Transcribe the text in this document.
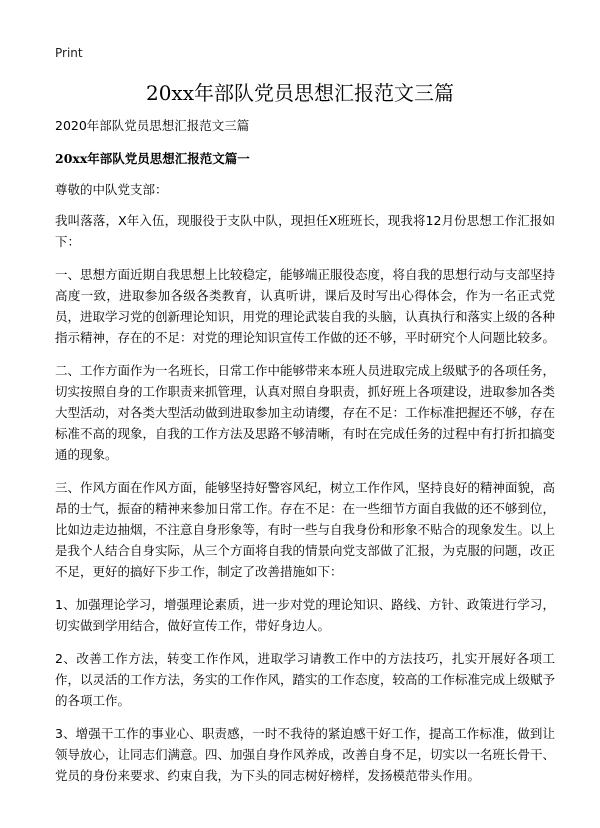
Print
20xx年部队党员思想汇报范文三篇

2020年部队党员思想汇报范文三篇

20xx年部队党员思想汇报范文篇一

尊敬的中队党支部：

我叫落落，X年入伍，现服役于支队中队，现担任X班班长，现我将12月份思想工作汇报如下：

一、思想方面近期自我思想上比较稳定，能够端正服役态度，将自我的思想行动与支部坚持高度一致，进取参加各级各类教育，认真听讲，课后及时写出心得体会，作为一名正式党员，进取学习党的创新理论知识，用党的理论武装自我的头脑，认真执行和落实上级的各种指示精神，存在的不足：对党的理论知识宣传工作做的还不够，平时研究个人问题比较多。

二、工作方面作为一名班长，日常工作中能够带来本班人员进取完成上级赋予的各项任务，切实按照自身的工作职责来抓管理，认真对照自身职责，抓好班上各项建设，进取参加各类大型活动，对各类大型活动做到进取参加主动请缨，存在不足：工作标准把握还不够，存在标准不高的现象，自我的工作方法及思路不够清晰，有时在完成任务的过程中有打折扣搞变通的现象。

三、作风方面在作风方面，能够坚持好警容风纪，树立工作作风，坚持良好的精神面貌，高昂的士气，振奋的精神来参加日常工作。存在不足：在一些细节方面自我做的还不够到位，比如边走边抽烟，不注意自身形象等，有时一些与自我身份和形象不贴合的现象发生。以上是我个人结合自身实际，从三个方面将自我的情景向党支部做了汇报，为克服的问题，改正不足，更好的搞好下步工作，制定了改善措施如下：

1、加强理论学习，增强理论素质，进一步对党的理论知识、路线、方针、政策进行学习，切实做到学用结合，做好宣传工作，带好身边人。

2、改善工作方法，转变工作作风，进取学习请教工作中的方法技巧，扎实开展好各项工作，以灵活的工作方法，务实的工作作风，踏实的工作态度，较高的工作标准完成上级赋予的各项工作。

3、增强干工作的事业心、职责感，一时不我待的紧迫感干好工作，提高工作标准，做到让领导放心，让同志们满意。四、加强自身作风养成，改善自身不足，切实以一名班长骨干、党员的身份来要求、约束自我，为下头的同志树好榜样，发扬模范带头作用。
